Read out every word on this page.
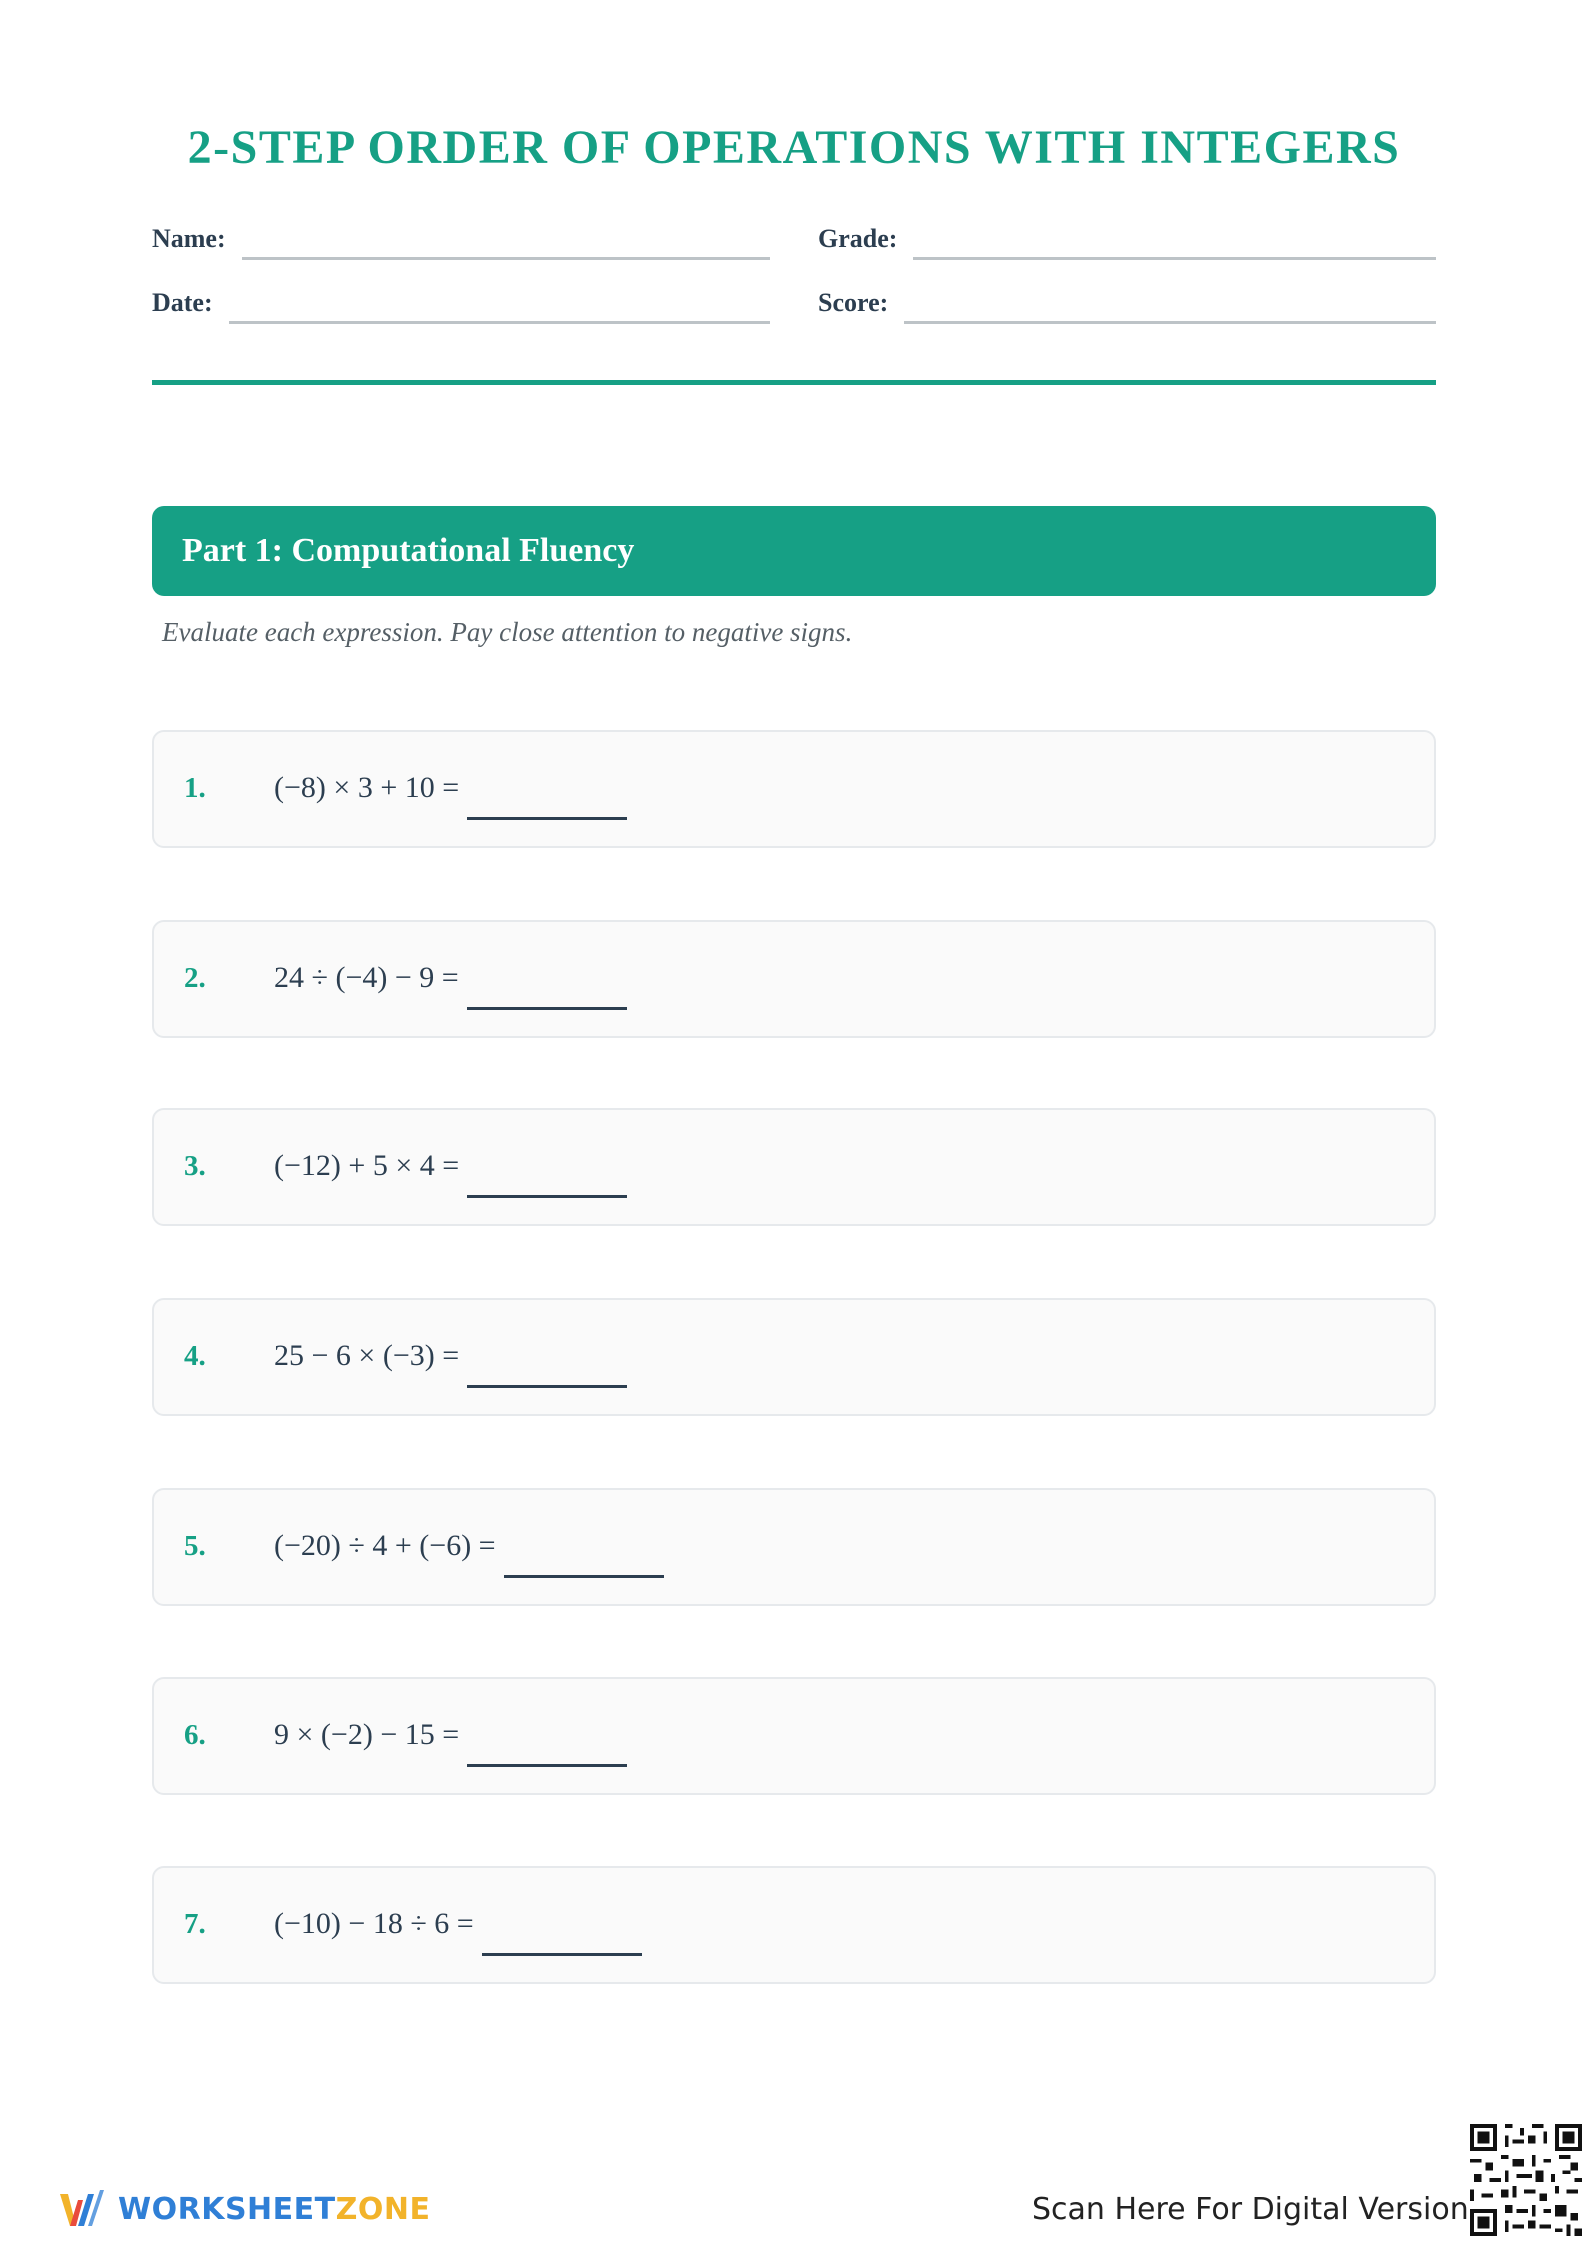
2-STEP ORDER OF OPERATIONS WITH INTEGERS
Name:	Grade:
Date:	Score:
Part 1: Computational Fluency
Evaluate each expression. Pay close attention to negative signs.
1. (−8) × 3 + 10 =
2. 24 ÷ (−4) − 9 =
3. (−12) + 5 × 4 =
4. 25 − 6 × (−3) =
5. (−20) ÷ 4 + (−6) =
6. 9 × (−2) − 15 =
7. (−10) − 18 ÷ 6 =
WORKSHEETZONE	Scan Here For Digital Version
